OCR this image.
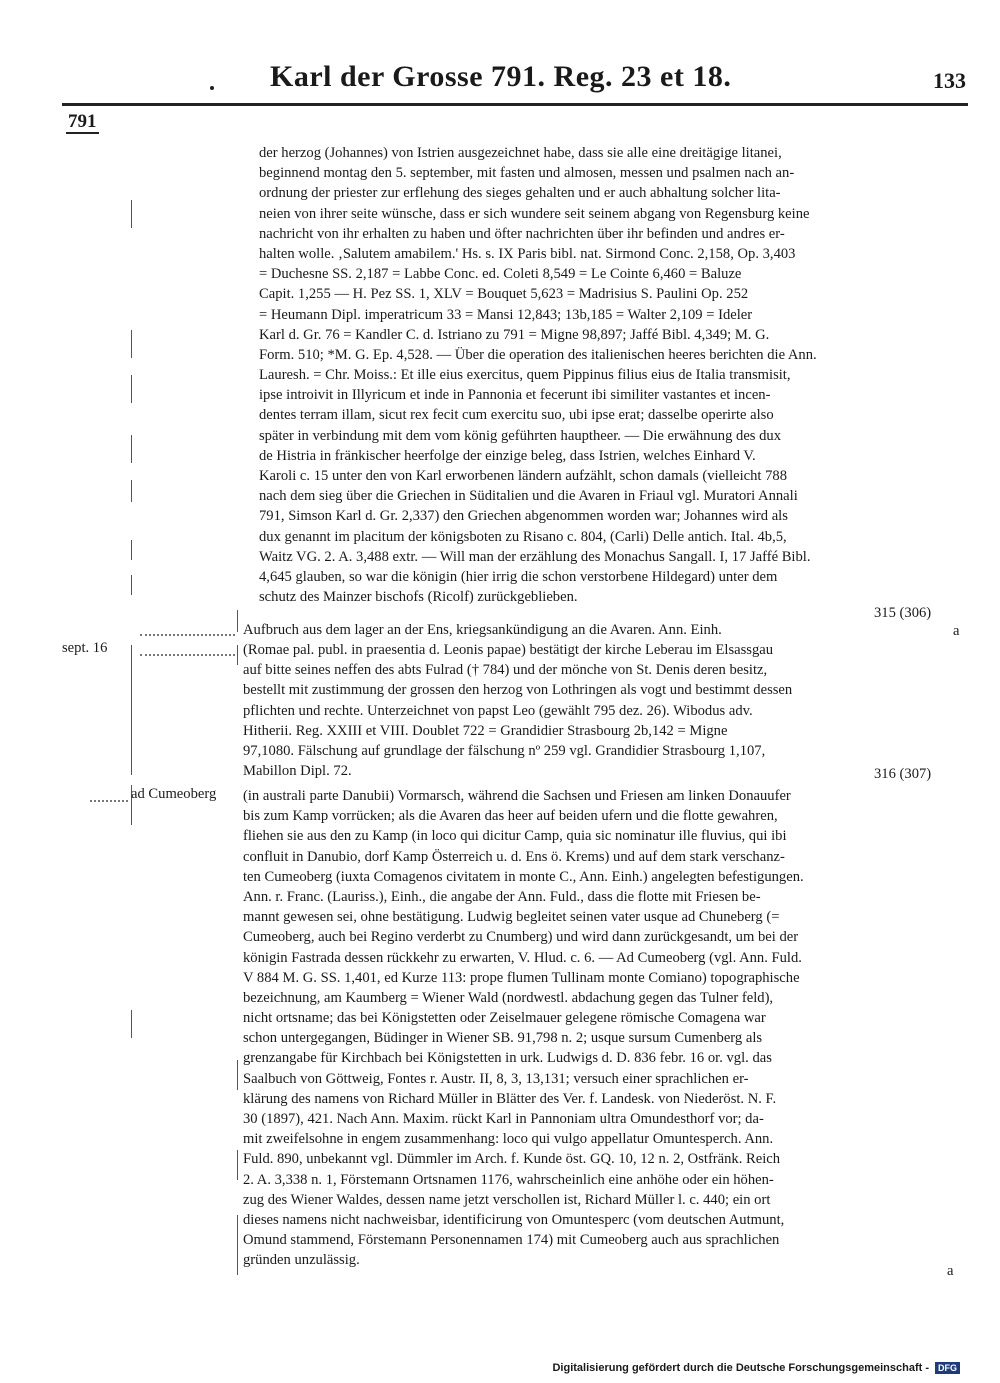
Karl der Grosse 791. Reg. 23 et 18.	133
791
der herzog (Johannes) von Istrien ausgezeichnet habe, dass sie alle eine dreitägige litanei,
beginnend montag den 5. september, mit fasten und almosen, messen und psalmen nach an-
ordnung der priester zur erflehung des sieges gehalten und er auch abhaltung solcher lita-
neien von ihrer seite wünsche, dass er sich wundere seit seinem abgang von Regensburg keine
nachricht von ihr erhalten zu haben und öfter nachrichten über ihr befinden und andres er-
halten wolle. ‚Salutem amabilem.' Hs. s. IX Paris bibl. nat. Sirmond Conc. 2,158, Op. 3,403
= Duchesne SS. 2,187 = Labbe Conc. ed. Coleti 8,549 = Le Cointe 6,460 = Baluze
Capit. 1,255 — H. Pez SS. 1, XLV = Bouquet 5,623 = Madrisius S. Paulini Op. 252
= Heumann Dipl. imperatricum 33 = Mansi 12,843; 13b,185 = Walter 2,109 = Ideler
Karl d. Gr. 76 = Kandler C. d. Istriano zu 791 = Migne 98,897; Jaffé Bibl. 4,349; M. G.
Form. 510; *M. G. Ep. 4,528. — Über die operation des italienischen heeres berichten die Ann.
Lauresh. = Chr. Moiss.: Et ille eius exercitus, quem Pippinus filius eius de Italia transmisit,
ipse introivit in Illyricum et inde in Pannonia et fecerunt ibi similiter vastantes et incen-
dentes terram illam, sicut rex fecit cum exercitu suo, ubi ipse erat; dasselbe operirte also
später in verbindung mit dem vom könig geführten hauptheer. — Die erwähnung des dux
de Histria in fränkischer heerfolge der einzige beleg, dass Istrien, welches Einhard V.
Karoli c. 15 unter den von Karl erworbenen ländern aufzählt, schon damals (vielleicht 788
nach dem sieg über die Griechen in Süditalien und die Avaren in Friaul vgl. Muratori Annali
791, Simson Karl d. Gr. 2,337) den Griechen abgenommen worden war; Johannes wird als
dux genannt im placitum der königsboten zu Risano c. 804, (Carli) Delle antich. Ital. 4b,5,
Waitz VG. 2. A. 3,488 extr. — Will man der erzählung des Monachus Sangall. I, 17 Jaffé Bibl.
4,645 glauben, so war die königin (hier irrig die schon verstorbene Hildegard) unter dem
schutz des Mainzer bischofs (Ricolf) zurückgeblieben.
315 (306)
Aufbruch aus dem lager an der Ens, kriegsankündigung an die Avaren. Ann. Einh.	a
sept. 16	(Romae pal. publ. in praesentia d. Leonis papae) bestätigt der kirche Leberau im Elsassgau
auf bitte seines neffen des abts Fulrad († 784) und der mönche von St. Denis deren besitz,
bestellt mit zustimmung der grossen den herzog von Lothringen als vogt und bestimmt dessen
pflichten und rechte. Unterzeichnet von papst Leo (gewählt 795 dez. 26). Wibodus adv.
Hitherii. Reg. XXIII et VIII. Doublet 722 = Grandidier Strasbourg 2b,142 = Migne
97,1080. Fälschung auf grundlage der fälschung nº 259 vgl. Grandidier Strasbourg 1,107,
Mabillon Dipl. 72.	316 (307)
ad Cumeoberg (in australi parte Danubii) Vormarsch, während die Sachsen und Friesen am linken Donauufer
bis zum Kamp vorrücken; als die Avaren das heer auf beiden ufern und die flotte gewahren,
fliehen sie aus den zu Kamp (in loco qui dicitur Camp, quia sic nominatur ille fluvius, qui ibi
confluit in Danubio, dorf Kamp Österreich u. d. Ens ö. Krems) und auf dem stark verschanz-
ten Cumeoberg (iuxta Comagenos civitatem in monte C., Ann. Einh.) angelegten befestigungen.
Ann. r. Franc. (Lauriss.), Einh., die angabe der Ann. Fuld., dass die flotte mit Friesen be-
mannt gewesen sei, ohne bestätigung. Ludwig begleitet seinen vater usque ad Chuneberg (=
Cumeoberg, auch bei Regino verderbt zu Cnumberg) und wird dann zurückgesandt, um bei der
königin Fastrada dessen rückkehr zu erwarten, V. Hlud. c. 6. — Ad Cumeoberg (vgl. Ann. Fuld.
V 884 M. G. SS. 1,401, ed Kurze 113: prope flumen Tullinam monte Comiano) topographische
bezeichnung, am Kaumberg = Wiener Wald (nordwestl. abdachung gegen das Tulner feld),
nicht ortsname; das bei Königstetten oder Zeiselmauer gelegene römische Comagena war
schon untergegangen, Büdinger in Wiener SB. 91,798 n. 2; usque sursum Cumenberg als
grenzangabe für Kirchbach bei Königstetten in urk. Ludwigs d. D. 836 febr. 16 or. vgl. das
Saalbuch von Göttweig, Fontes r. Austr. II, 8, 3, 13,131; versuch einer sprachlichen er-
klärung des namens von Richard Müller in Blätter des Ver. f. Landesk. von Niederöst. N. F.
30 (1897), 421. Nach Ann. Maxim. rückt Karl in Pannoniam ultra Omundesthorf vor; da-
mit zweifelsohne in engem zusammenhang: loco qui vulgo appellatur Omuntesperch. Ann.
Fuld. 890, unbekannt vgl. Dümmler im Arch. f. Kunde öst. GQ. 10, 12 n. 2, Ostfränk. Reich
2. A. 3,338 n. 1, Förstemann Ortsnamen 1176, wahrscheinlich eine anhöhe oder ein höhen-
zug des Wiener Waldes, dessen name jetzt verschollen ist, Richard Müller l. c. 440; ein ort
dieses namens nicht nachweisbar, identificirung von Omuntesperc (vom deutschen Autmunt,
Omund stammend, Förstemann Personennamen 174) mit Cumeoberg auch aus sprachlichen
gründen unzulässig.
a
Digitalisierung gefördert durch die Deutsche Forschungsgemeinschaft -	DFG
